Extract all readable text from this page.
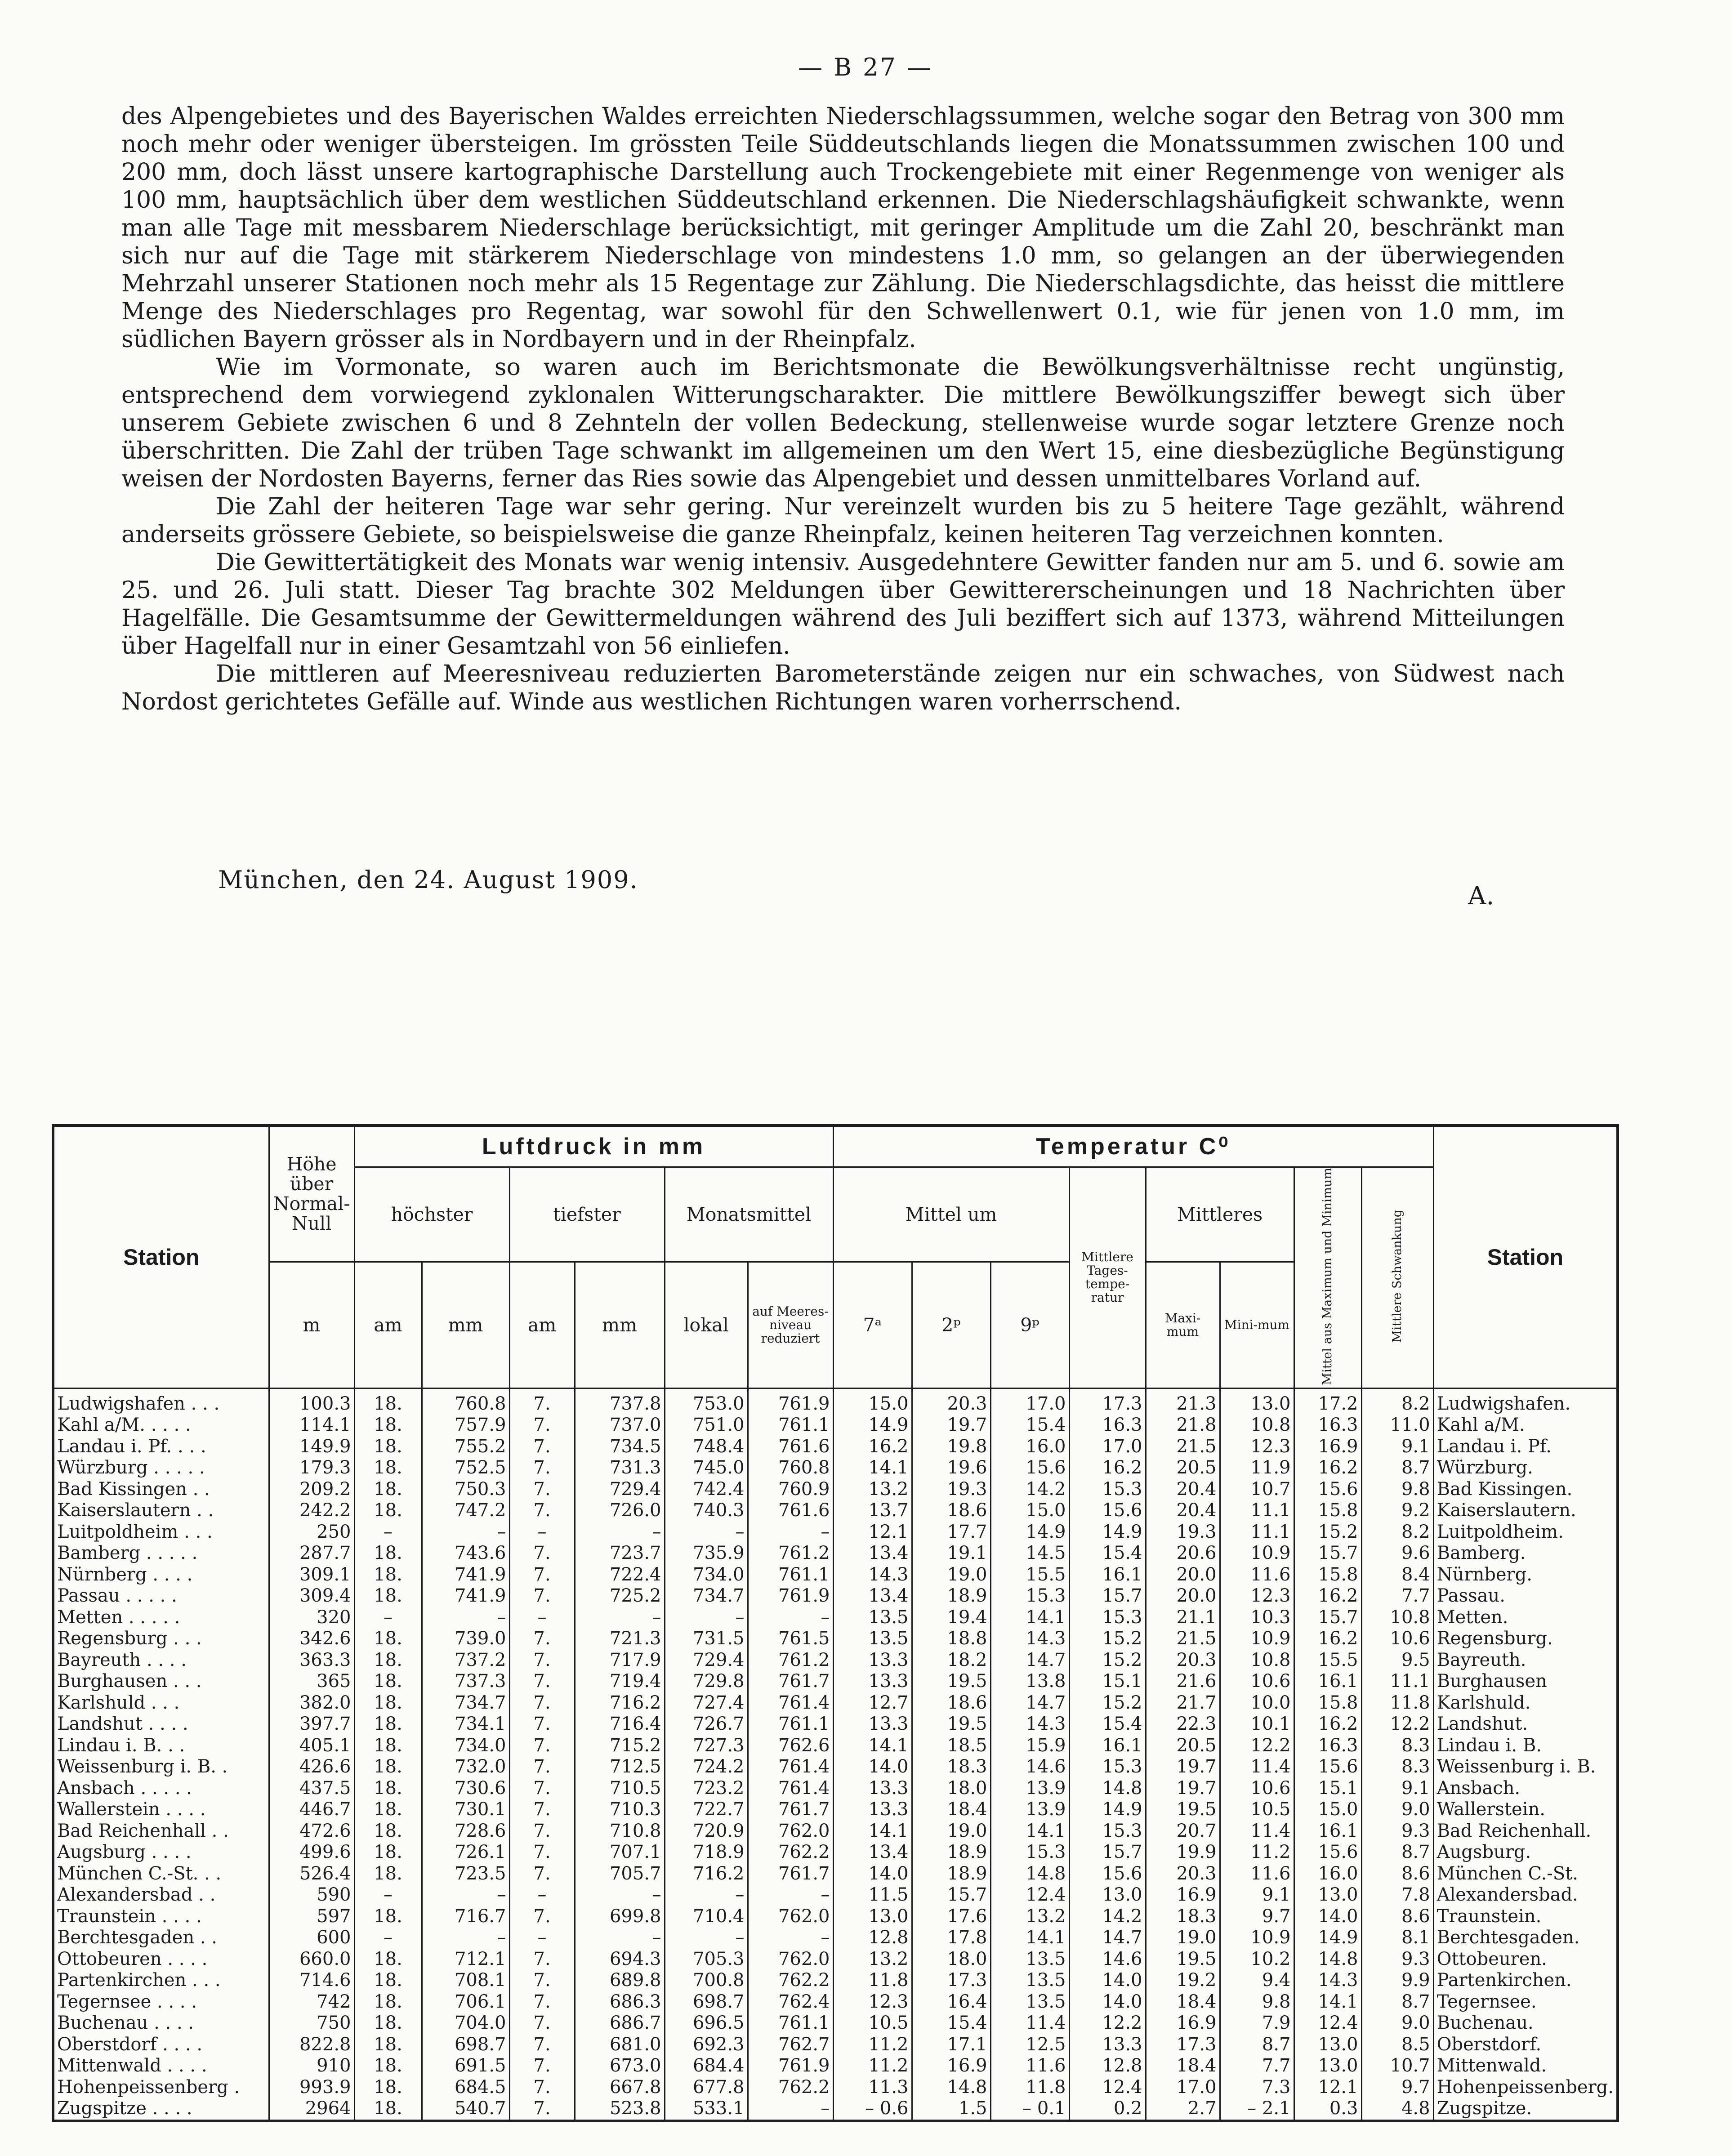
— B 27 —

des Alpengebietes und des Bayerischen Waldes erreichten Niederschlagssummen, welche sogar den Betrag von 300 mm noch mehr oder weniger übersteigen. Im grössten Teile Süddeutschlands liegen die Monatssummen zwischen 100 und 200 mm, doch lässt unsere kartographische Darstellung auch Trockengebiete mit einer Regenmenge von weniger als 100 mm, hauptsächlich über dem westlichen Süddeutschland erkennen. Die Niederschlagshäufigkeit schwankte, wenn man alle Tage mit messbarem Niederschlage berücksichtigt, mit geringer Amplitude um die Zahl 20, beschränkt man sich nur auf die Tage mit stärkerem Niederschlage von mindestens 1.0 mm, so gelangen an der überwiegenden Mehrzahl unserer Stationen noch mehr als 15 Regentage zur Zählung. Die Niederschlagsdichte, das heisst die mittlere Menge des Niederschlages pro Regentag, war sowohl für den Schwellenwert 0.1, wie für jenen von 1.0 mm, im südlichen Bayern grösser als in Nordbayern und in der Rheinpfalz.

Wie im Vormonate, so waren auch im Berichtsmonate die Bewölkungsverhältnisse recht ungünstig, entsprechend dem vorwiegend zyklonalen Witterungscharakter. Die mittlere Bewölkungsziffer bewegt sich über unserem Gebiete zwischen 6 und 8 Zehnteln der vollen Bedeckung, stellenweise wurde sogar letztere Grenze noch überschritten. Die Zahl der trüben Tage schwankt im allgemeinen um den Wert 15, eine diesbezügliche Begünstigung weisen der Nordosten Bayerns, ferner das Ries sowie das Alpengebiet und dessen unmittelbares Vorland auf.

Die Zahl der heiteren Tage war sehr gering. Nur vereinzelt wurden bis zu 5 heitere Tage gezählt, während anderseits grössere Gebiete, so beispielsweise die ganze Rheinpfalz, keinen heiteren Tag verzeichnen konnten.

Die Gewittertätigkeit des Monats war wenig intensiv. Ausgedehntere Gewitter fanden nur am 5. und 6. sowie am 25. und 26. Juli statt. Dieser Tag brachte 302 Meldungen über Gewittererscheinungen und 18 Nachrichten über Hagelfälle. Die Gesamtsumme der Gewittermeldungen während des Juli beziffert sich auf 1373, während Mitteilungen über Hagelfall nur in einer Gesamtzahl von 56 einliefen.

Die mittleren auf Meeresniveau reduzierten Barometerstände zeigen nur ein schwaches, von Südwest nach Nordost gerichtetes Gefälle auf. Winde aus westlichen Richtungen waren vorherrschend.

München, den 24. August 1909.
A.
Station	Höhe über Normal-Null	Luftdruck in mm						Temperatur C⁰								Station
		höchster		tiefster		Monatsmittel		Mittel um			Mittlere Tages-tempe-ratur	Mittleres		Mittel aus Maximum und Minimum	Mittlere Schwankung	
	m	am	mm	am	mm	lokal	auf Meeres-niveau reduziert	7ᵃ	2ᵖ	9ᵖ		Maxi-mum	Mini-mum			
Ludwigshafen . . .	100.3	18.	760.8	7.	737.8	753.0	761.9	15.0	20.3	17.0	17.3	21.3	13.0	17.2	8.2	Ludwigshafen.
Kahl a/M. . . . .	114.1	18.	757.9	7.	737.0	751.0	761.1	14.9	19.7	15.4	16.3	21.8	10.8	16.3	11.0	Kahl a/M.
Landau i. Pf. . . .	149.9	18.	755.2	7.	734.5	748.4	761.6	16.2	19.8	16.0	17.0	21.5	12.3	16.9	9.1	Landau i. Pf.
Würzburg . . . . .	179.3	18.	752.5	7.	731.3	745.0	760.8	14.1	19.6	15.6	16.2	20.5	11.9	16.2	8.7	Würzburg.
Bad Kissingen . .	209.2	18.	750.3	7.	729.4	742.4	760.9	13.2	19.3	14.2	15.3	20.4	10.7	15.6	9.8	Bad Kissingen.
Kaiserslautern . .	242.2	18.	747.2	7.	726.0	740.3	761.6	13.7	18.6	15.0	15.6	20.4	11.1	15.8	9.2	Kaiserslautern.
Luitpoldheim . . .	250	–	–	–	–	–	–	12.1	17.7	14.9	14.9	19.3	11.1	15.2	8.2	Luitpoldheim.
Bamberg . . . . .	287.7	18.	743.6	7.	723.7	735.9	761.2	13.4	19.1	14.5	15.4	20.6	10.9	15.7	9.6	Bamberg.
Nürnberg . . . .	309.1	18.	741.9	7.	722.4	734.0	761.1	14.3	19.0	15.5	16.1	20.0	11.6	15.8	8.4	Nürnberg.
Passau . . . . .	309.4	18.	741.9	7.	725.2	734.7	761.9	13.4	18.9	15.3	15.7	20.0	12.3	16.2	7.7	Passau.
Metten . . . . .	320	–	–	–	–	–	–	13.5	19.4	14.1	15.3	21.1	10.3	15.7	10.8	Metten.
Regensburg . . .	342.6	18.	739.0	7.	721.3	731.5	761.5	13.5	18.8	14.3	15.2	21.5	10.9	16.2	10.6	Regensburg.
Bayreuth . . . .	363.3	18.	737.2	7.	717.9	729.4	761.2	13.3	18.2	14.7	15.2	20.3	10.8	15.5	9.5	Bayreuth.
Burghausen . . .	365	18.	737.3	7.	719.4	729.8	761.7	13.3	19.5	13.8	15.1	21.6	10.6	16.1	11.1	Burghausen
Karlshuld . . .	382.0	18.	734.7	7.	716.2	727.4	761.4	12.7	18.6	14.7	15.2	21.7	10.0	15.8	11.8	Karlshuld.
Landshut . . . .	397.7	18.	734.1	7.	716.4	726.7	761.1	13.3	19.5	14.3	15.4	22.3	10.1	16.2	12.2	Landshut.
Lindau i. B. . .	405.1	18.	734.0	7.	715.2	727.3	762.6	14.1	18.5	15.9	16.1	20.5	12.2	16.3	8.3	Lindau i. B.
Weissenburg i. B. .	426.6	18.	732.0	7.	712.5	724.2	761.4	14.0	18.3	14.6	15.3	19.7	11.4	15.6	8.3	Weissenburg i. B.
Ansbach . . . . .	437.5	18.	730.6	7.	710.5	723.2	761.4	13.3	18.0	13.9	14.8	19.7	10.6	15.1	9.1	Ansbach.
Wallerstein . . . .	446.7	18.	730.1	7.	710.3	722.7	761.7	13.3	18.4	13.9	14.9	19.5	10.5	15.0	9.0	Wallerstein.
Bad Reichenhall . .	472.6	18.	728.6	7.	710.8	720.9	762.0	14.1	19.0	14.1	15.3	20.7	11.4	16.1	9.3	Bad Reichenhall.
Augsburg . . . .	499.6	18.	726.1	7.	707.1	718.9	762.2	13.4	18.9	15.3	15.7	19.9	11.2	15.6	8.7	Augsburg.
München C.-St. . .	526.4	18.	723.5	7.	705.7	716.2	761.7	14.0	18.9	14.8	15.6	20.3	11.6	16.0	8.6	München C.-St.
Alexandersbad . .	590	–	–	–	–	–	–	11.5	15.7	12.4	13.0	16.9	9.1	13.0	7.8	Alexandersbad.
Traunstein . . . .	597	18.	716.7	7.	699.8	710.4	762.0	13.0	17.6	13.2	14.2	18.3	9.7	14.0	8.6	Traunstein.
Berchtesgaden . .	600	–	–	–	–	–	–	12.8	17.8	14.1	14.7	19.0	10.9	14.9	8.1	Berchtesgaden.
Ottobeuren . . . .	660.0	18.	712.1	7.	694.3	705.3	762.0	13.2	18.0	13.5	14.6	19.5	10.2	14.8	9.3	Ottobeuren.
Partenkirchen . . .	714.6	18.	708.1	7.	689.8	700.8	762.2	11.8	17.3	13.5	14.0	19.2	9.4	14.3	9.9	Partenkirchen.
Tegernsee . . . .	742	18.	706.1	7.	686.3	698.7	762.4	12.3	16.4	13.5	14.0	18.4	9.8	14.1	8.7	Tegernsee.
Buchenau . . . .	750	18.	704.0	7.	686.7	696.5	761.1	10.5	15.4	11.4	12.2	16.9	7.9	12.4	9.0	Buchenau.
Oberstdorf . . . .	822.8	18.	698.7	7.	681.0	692.3	762.7	11.2	17.1	12.5	13.3	17.3	8.7	13.0	8.5	Oberstdorf.
Mittenwald . . . .	910	18.	691.5	7.	673.0	684.4	761.9	11.2	16.9	11.6	12.8	18.4	7.7	13.0	10.7	Mittenwald.
Hohenpeissenberg .	993.9	18.	684.5	7.	667.8	677.8	762.2	11.3	14.8	11.8	12.4	17.0	7.3	12.1	9.7	Hohenpeissenberg.
Zugspitze . . . .	2964	18.	540.7	7.	523.8	533.1	–	– 0.6	1.5	– 0.1	0.2	2.7	– 2.1	0.3	4.8	Zugspitze.
